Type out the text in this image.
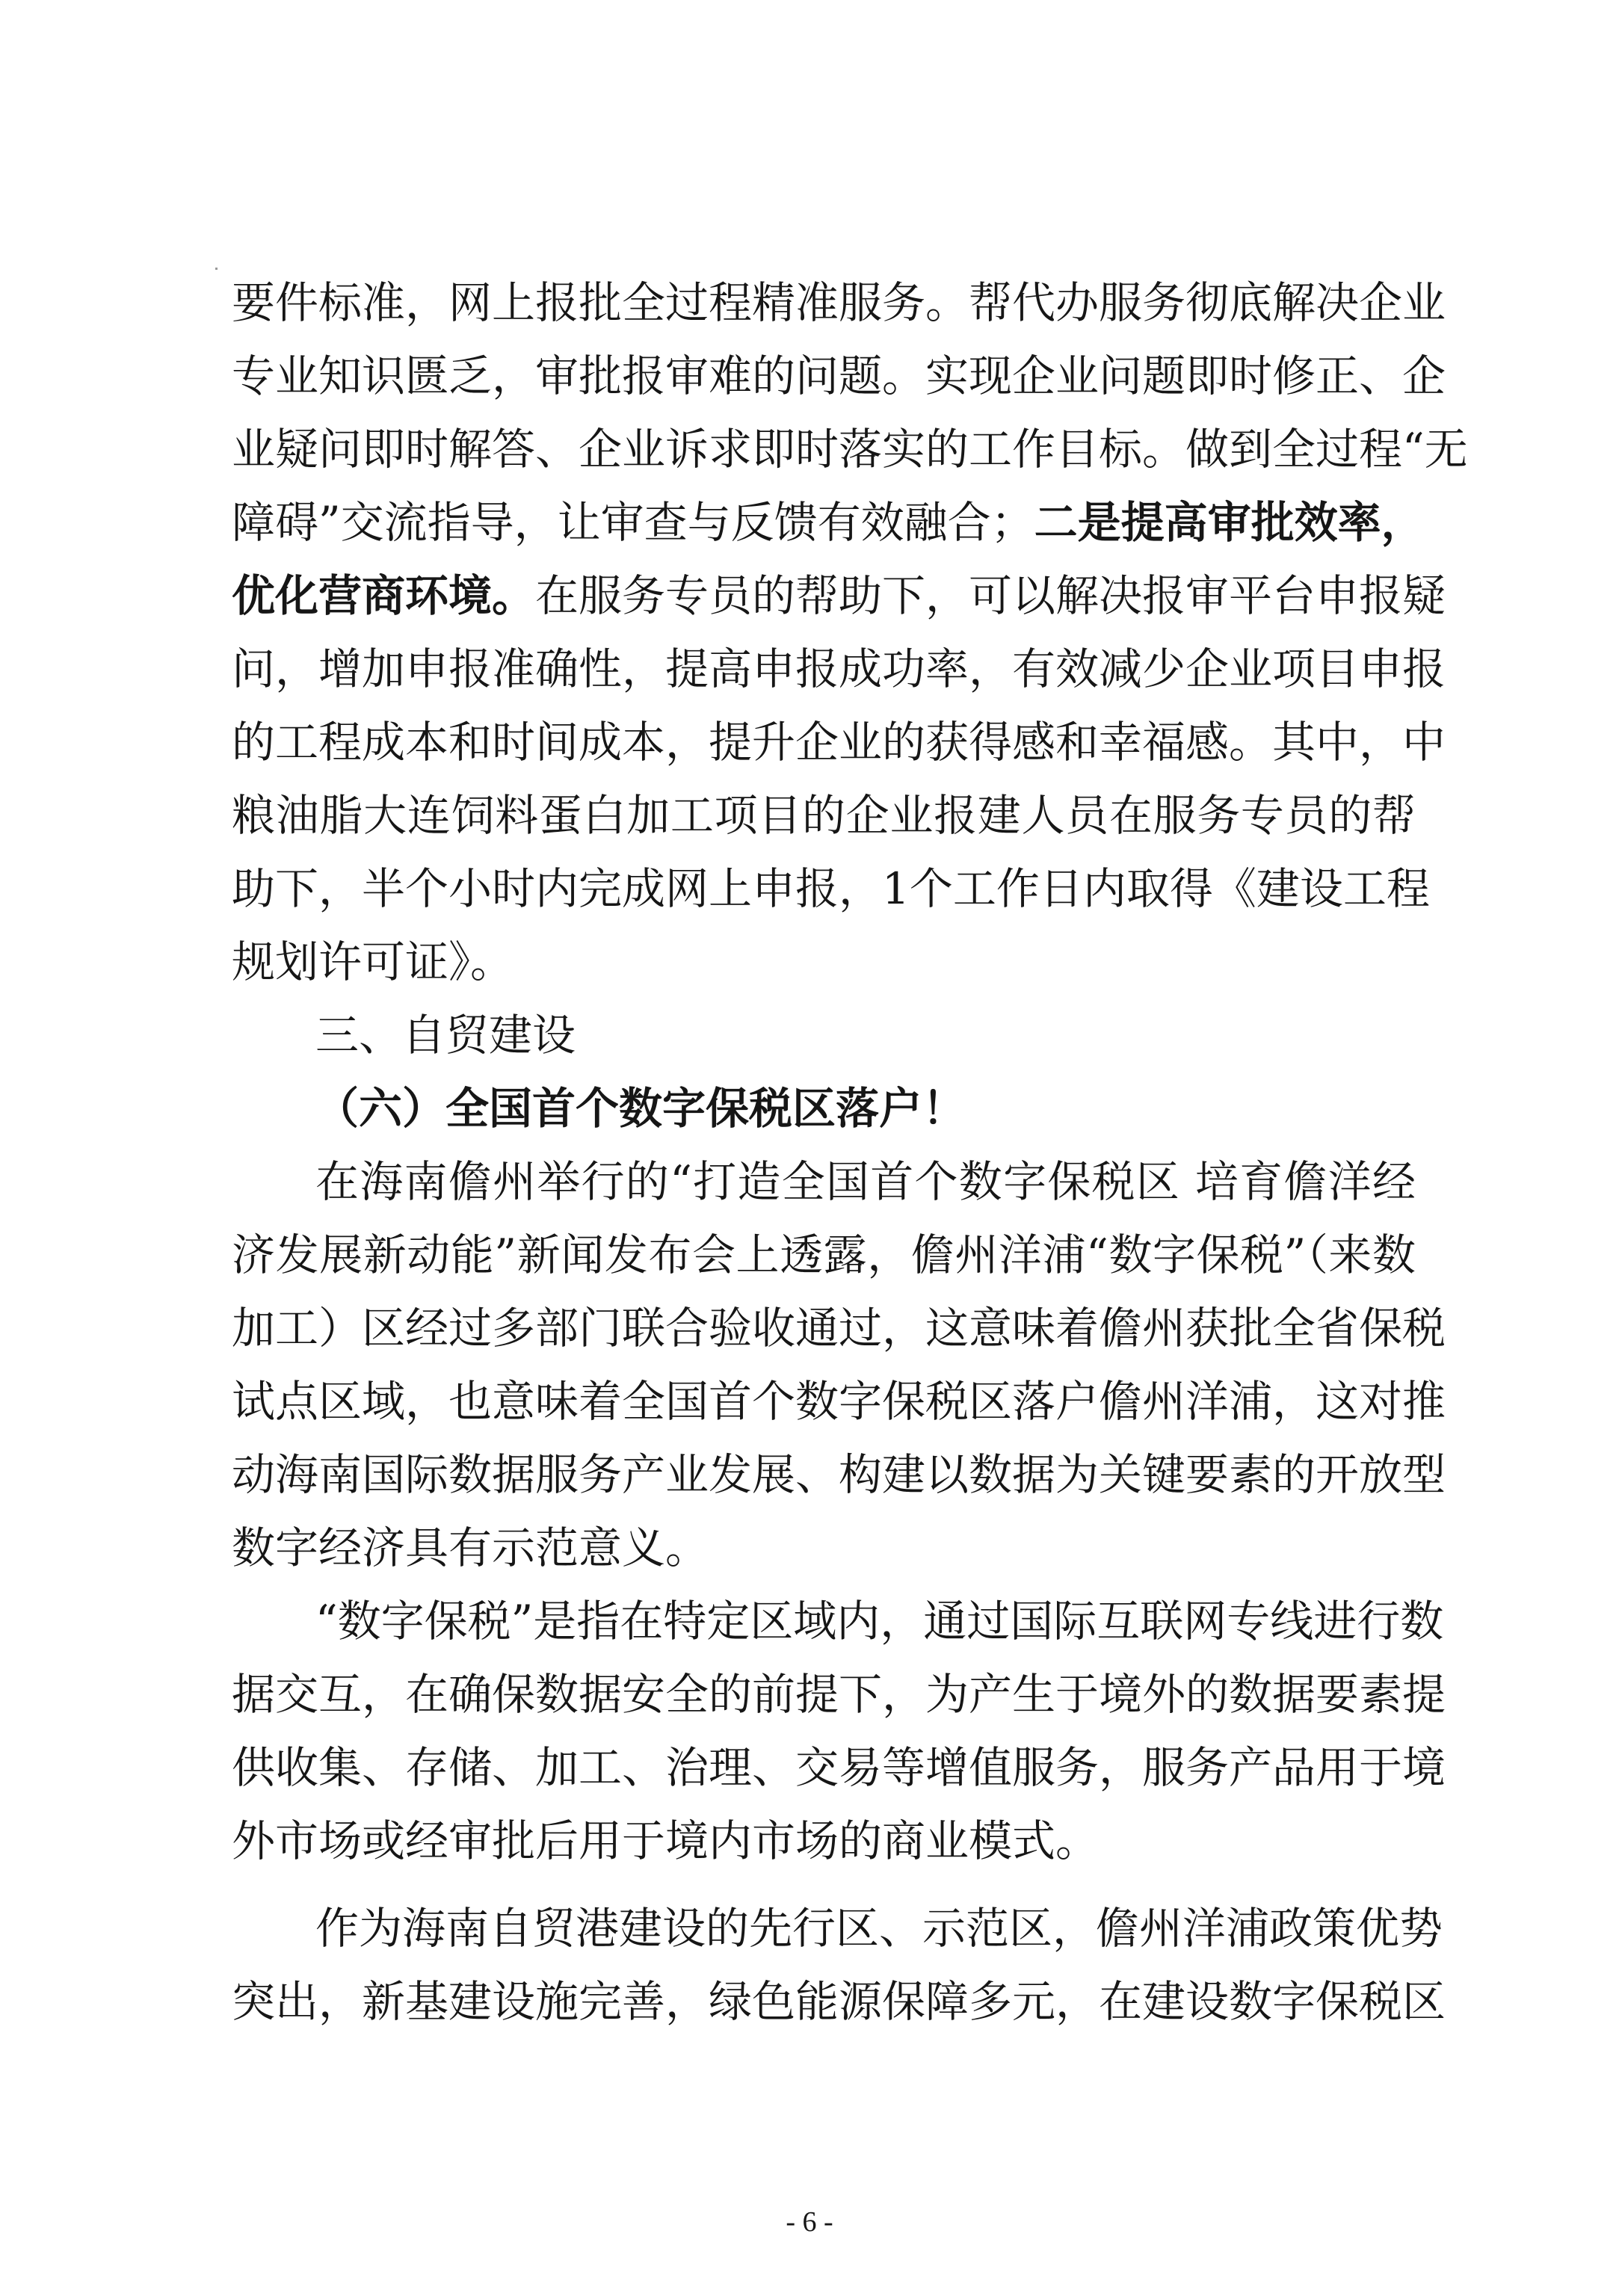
要件标准，网上报批全过程精准服务。帮代办服务彻底解决企业
专业知识匮乏，审批报审难的问题。实现企业问题即时修正、企
业疑问即时解答、企业诉求即时落实的工作目标。做到全过程“无
障碍”交流指导，让审查与反馈有效融合；二是提高审批效率，
优化营商环境。在服务专员的帮助下，可以解决报审平台申报疑
问，增加申报准确性，提高申报成功率，有效减少企业项目申报
的工程成本和时间成本，提升企业的获得感和幸福感。其中，中
粮油脂大连饲料蛋白加工项目的企业报建人员在服务专员的帮
助下，半个小时内完成网上申报，1个工作日内取得《建设工程
规划许可证》。
三、自贸建设
（六）全国首个数字保税区落户！
在海南儋州举行的“打造全国首个数字保税区 培育儋洋经
济发展新动能”新闻发布会上透露，儋州洋浦“数字保税”（来数
加工）区经过多部门联合验收通过，这意味着儋州获批全省保税
试点区域，也意味着全国首个数字保税区落户儋州洋浦，这对推
动海南国际数据服务产业发展、构建以数据为关键要素的开放型
数字经济具有示范意义。
“数字保税”是指在特定区域内，通过国际互联网专线进行数
据交互，在确保数据安全的前提下，为产生于境外的数据要素提
供收集、存储、加工、治理、交易等增值服务，服务产品用于境
外市场或经审批后用于境内市场的商业模式。
作为海南自贸港建设的先行区、示范区，儋州洋浦政策优势
突出，新基建设施完善，绿色能源保障多元，在建设数字保税区
- 6 -
